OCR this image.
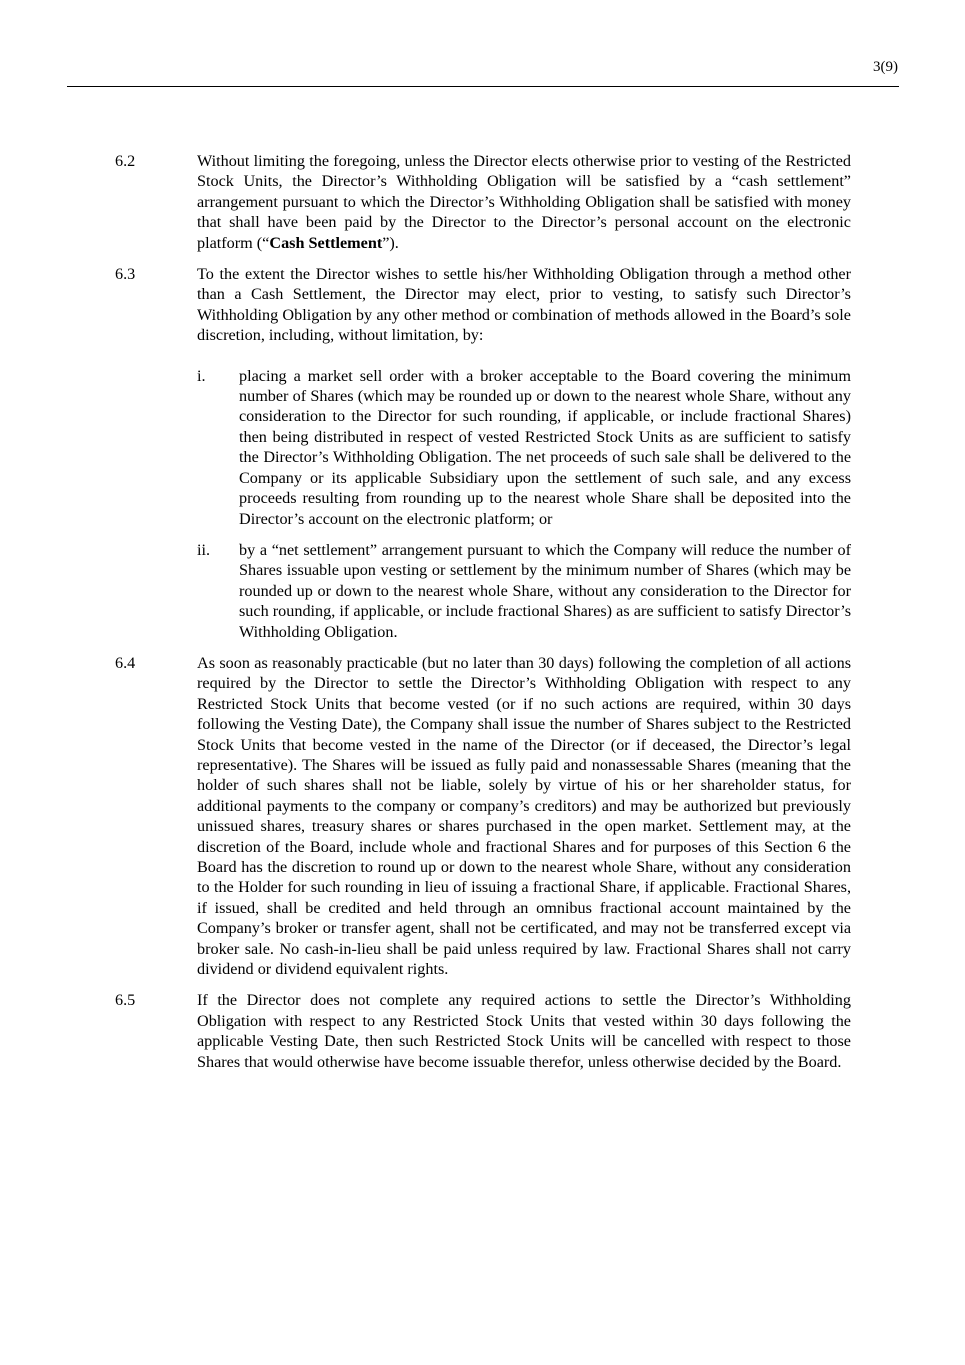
3(9)
6.2	Without limiting the foregoing, unless the Director elects otherwise prior to vesting of the Restricted Stock Units, the Director’s Withholding Obligation will be satisfied by a “cash settlement” arrangement pursuant to which the Director’s Withholding Obligation shall be satisfied with money that shall have been paid by the Director to the Director’s personal account on the electronic platform (“Cash Settlement”).
6.3	To the extent the Director wishes to settle his/her Withholding Obligation through a method other than a Cash Settlement, the Director may elect, prior to vesting, to satisfy such Director’s Withholding Obligation by any other method or combination of methods allowed in the Board’s sole discretion, including, without limitation, by:
i. placing a market sell order with a broker acceptable to the Board covering the minimum number of Shares (which may be rounded up or down to the nearest whole Share, without any consideration to the Director for such rounding, if applicable, or include fractional Shares) then being distributed in respect of vested Restricted Stock Units as are sufficient to satisfy the Director’s Withholding Obligation. The net proceeds of such sale shall be delivered to the Company or its applicable Subsidiary upon the settlement of such sale, and any excess proceeds resulting from rounding up to the nearest whole Share shall be deposited into the Director’s account on the electronic platform; or
ii. by a “net settlement” arrangement pursuant to which the Company will reduce the number of Shares issuable upon vesting or settlement by the minimum number of Shares (which may be rounded up or down to the nearest whole Share, without any consideration to the Director for such rounding, if applicable, or include fractional Shares) as are sufficient to satisfy Director’s Withholding Obligation.
6.4	As soon as reasonably practicable (but no later than 30 days) following the completion of all actions required by the Director to settle the Director’s Withholding Obligation with respect to any Restricted Stock Units that become vested (or if no such actions are required, within 30 days following the Vesting Date), the Company shall issue the number of Shares subject to the Restricted Stock Units that become vested in the name of the Director (or if deceased, the Director’s legal representative). The Shares will be issued as fully paid and nonassessable Shares (meaning that the holder of such shares shall not be liable, solely by virtue of his or her shareholder status, for additional payments to the company or company’s creditors) and may be authorized but previously unissued shares, treasury shares or shares purchased in the open market. Settlement may, at the discretion of the Board, include whole and fractional Shares and for purposes of this Section 6 the Board has the discretion to round up or down to the nearest whole Share, without any consideration to the Holder for such rounding in lieu of issuing a fractional Share, if applicable. Fractional Shares, if issued, shall be credited and held through an omnibus fractional account maintained by the Company’s broker or transfer agent, shall not be certificated, and may not be transferred except via broker sale. No cash-in-lieu shall be paid unless required by law. Fractional Shares shall not carry dividend or dividend equivalent rights.
6.5	If the Director does not complete any required actions to settle the Director’s Withholding Obligation with respect to any Restricted Stock Units that vested within 30 days following the applicable Vesting Date, then such Restricted Stock Units will be cancelled with respect to those Shares that would otherwise have become issuable therefor, unless otherwise decided by the Board.
